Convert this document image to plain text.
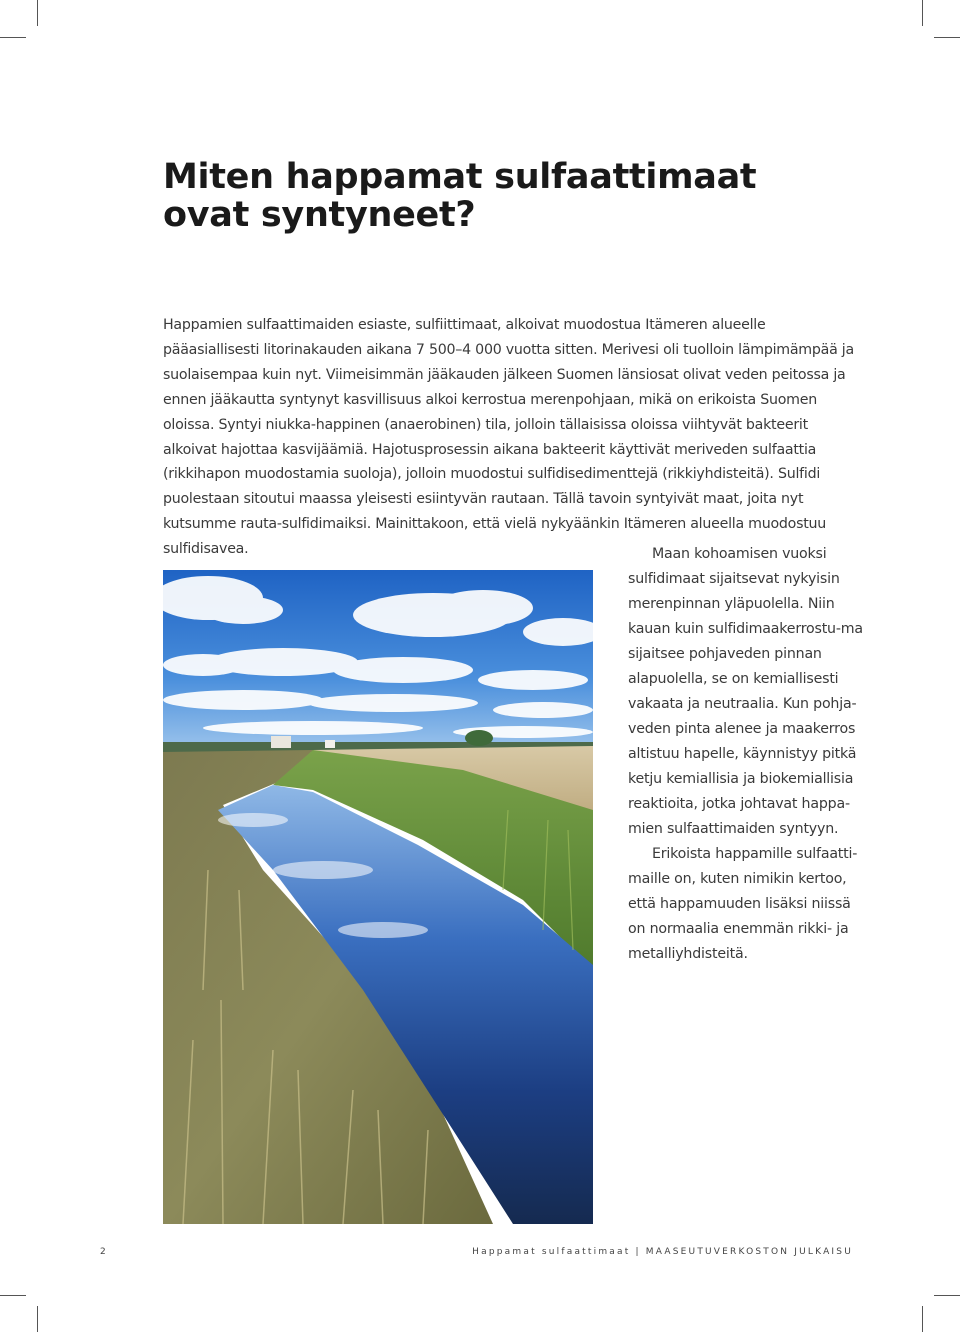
Miten happamat sulfaattimaat ovat syntyneet?

Happamien sulfaattimaiden esiaste, sulfiittimaat, alkoivat muodostua Itämeren alueelle pääasiallisesti litorinakauden aikana 7 500–4 000 vuotta sitten. Merivesi oli tuolloin lämpimämpää ja suolaisempaa kuin nyt. Viimeisimmän jääkauden jälkeen Suomen länsiosat olivat veden peitossa ja ennen jääkautta syntynyt kasvillisuus alkoi kerrostua merenpohjaan, mikä on erikoista Suomen oloissa. Syntyi niukka-happinen (anaerobinen) tila, jolloin tällaisissa oloissa viihtyvät bakteerit alkoivat hajottaa kasvijäämiä. Hajotusprosessin aikana bakteerit käyttivät meriveden sulfaattia (rikkihapon muodostamia suoloja), jolloin muodostui sulfidisedimenttejä (rikkiyhdisteitä). Sulfidi puolestaan sitoutui maassa yleisesti esiintyvän rautaan. Tällä tavoin syntyivät maat, joita nyt kutsumme rauta-sulfidimaiksi. Mainittakoon, että vielä nykyäänkin Itämeren alueella muodostuu sulfidisavea.	Maan kohoamisen vuoksi sulfidimaat sijaitsevat nykyisin merenpinnan yläpuolella. Niin kauan kuin sulfidimaakerrostu-ma sijaitsee pohjaveden pinnan alapuolella, se on kemiallisesti vakaata ja neutraalia. Kun pohja-veden pinta alenee ja maakerros altistuu hapelle, käynnistyy pitkä ketju kemiallisia ja biokemiallisia reaktioita, jotka johtavat happa-mien sulfaattimaiden syntyyn.

Erikoista happamille sulfaatti-maille on, kuten nimikin kertoo, että happamuuden lisäksi niissä on normaalia enemmän rikki- ja metalliyhdisteitä.

2	Happamat sulfaattimaat | MAASEUTUVERKOSTON JULKAISU
